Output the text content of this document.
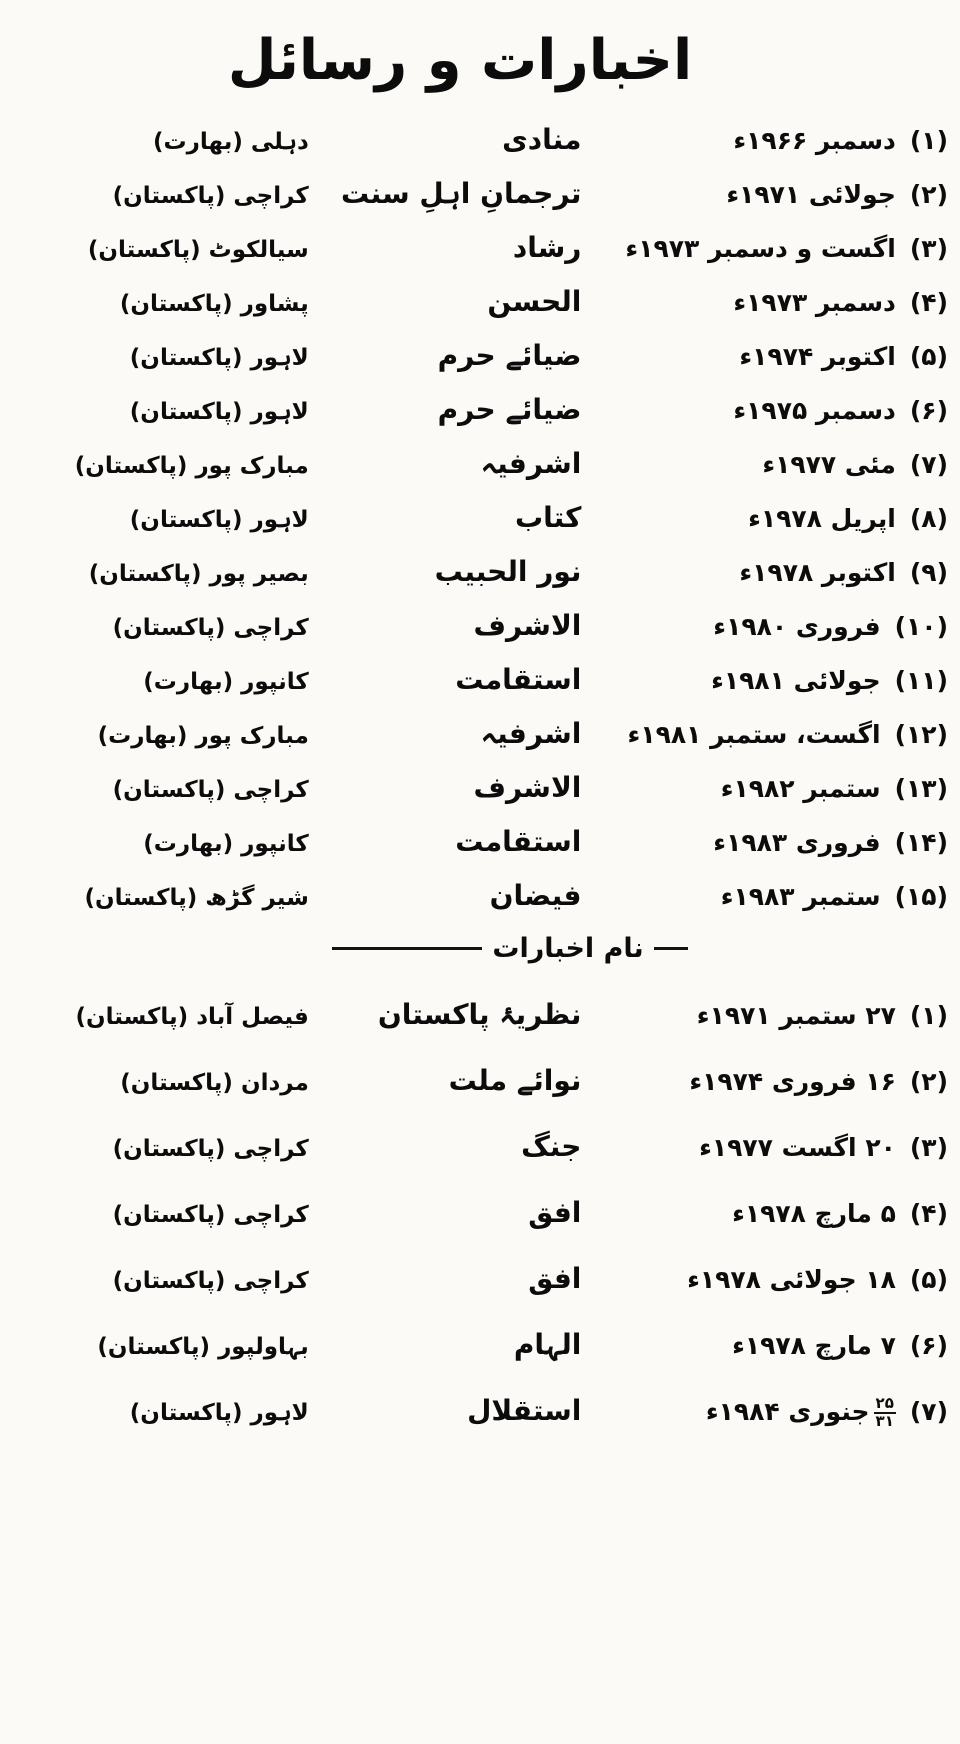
اخبارات و رسائل
(۱)دسمبر ۱۹۶۶ء
منادی
دہلی (بھارت)
(۲)جولائی ۱۹۷۱ء
ترجمانِ اہلِ سنت
کراچی (پاکستان)
(۳)اگست و دسمبر ۱۹۷۳ء
رشاد
سیالکوٹ (پاکستان)
(۴)دسمبر ۱۹۷۳ء
الحسن
پشاور (پاکستان)
(۵)اکتوبر ۱۹۷۴ء
ضیائے حرم
لاہور (پاکستان)
(۶)دسمبر ۱۹۷۵ء
ضیائے حرم
لاہور (پاکستان)
(۷)مئی ۱۹۷۷ء
اشرفیہ
مبارک پور (پاکستان)
(۸)اپریل ۱۹۷۸ء
کتاب
لاہور (پاکستان)
(۹)اکتوبر ۱۹۷۸ء
نور الحبیب
بصیر پور (پاکستان)
(۱۰)فروری ۱۹۸۰ء
الاشرف
کراچی (پاکستان)
(۱۱)جولائی ۱۹۸۱ء
استقامت
کانپور (بھارت)
(۱۲)اگست، ستمبر ۱۹۸۱ء
اشرفیہ
مبارک پور (بھارت)
(۱۳)ستمبر ۱۹۸۲ء
الاشرف
کراچی (پاکستان)
(۱۴)فروری ۱۹۸۳ء
استقامت
کانپور (بھارت)
(۱۵)ستمبر ۱۹۸۳ء
فیضان
شیر گڑھ (پاکستان)
نام اخبارات
(۱)۲۷ ستمبر ۱۹۷۱ء
نظریۂ پاکستان
فیصل آباد (پاکستان)
(۲)۱۶ فروری ۱۹۷۴ء
نوائے ملت
مردان (پاکستان)
(۳)۲۰ اگست ۱۹۷۷ء
جنگ
کراچی (پاکستان)
(۴)۵ مارچ ۱۹۷۸ء
افق
کراچی (پاکستان)
(۵)۱۸ جولائی ۱۹۷۸ء
افق
کراچی (پاکستان)
(۶)۷ مارچ ۱۹۷۸ء
الہام
بہاولپور (پاکستان)
(۷)
۲۵
۳۱
جنوری ۱۹۸۴ء
استقلال
لاہور (پاکستان)
